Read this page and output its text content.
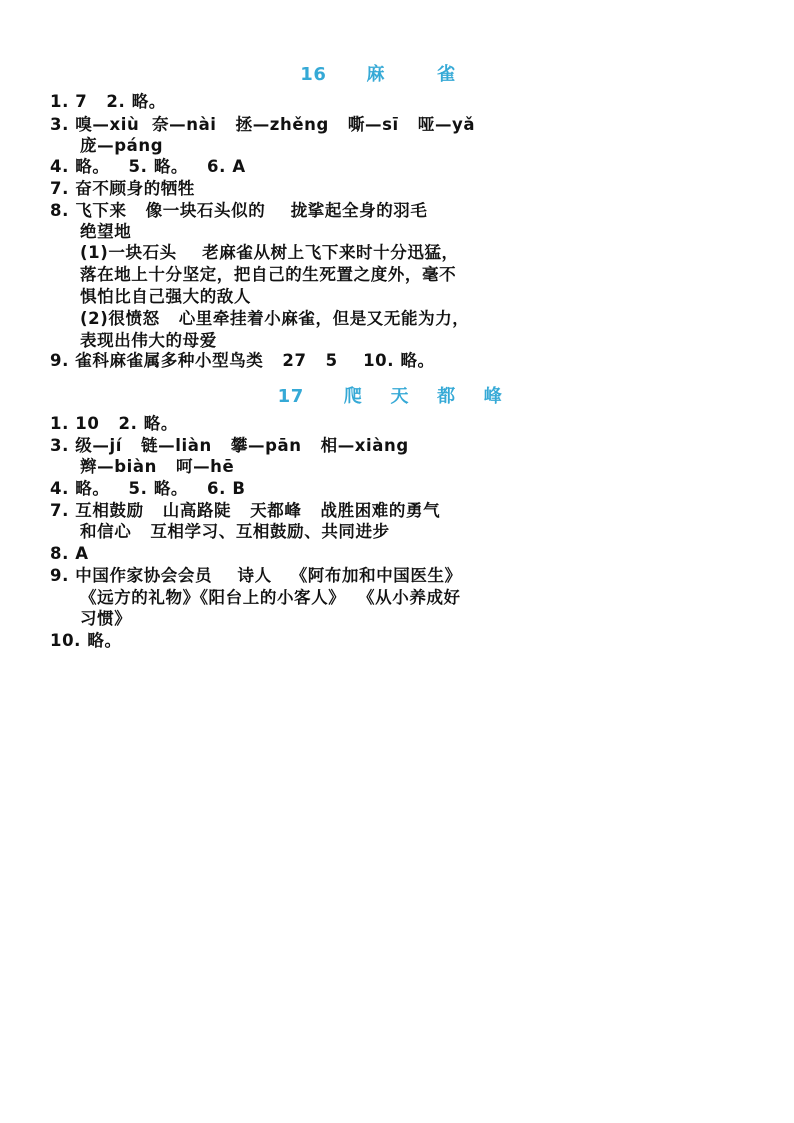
16 麻	雀
1. 7   2. 略。
3. 嗅—xiù  奈—nài   拯—zhěng   嘶—sī   哑—yǎ
庞—páng
4. 略。   5. 略。   6. A
7. 奋不顾身的牺牲
8. 飞下来   像一块石头似的    拢挲起全身的羽毛
绝望地
(1)一块石头    老麻雀从树上飞下来时十分迅猛，
落在地上十分坚定，把自己的生死置之度外，毫不
惧怕比自己强大的敌人
(2)很愤怒   心里牵挂着小麻雀，但是又无能为力，
表现出伟大的母爱
9. 雀科麻雀属多种小型鸟类   27   5    10. 略。
17 爬 天 都 峰
1. 10   2. 略。
3. 级—jí   链—liàn   攀—pān   相—xiàng
辫—biàn   呵—hē
4. 略。   5. 略。   6. B
7. 互相鼓励   山高路陡   天都峰   战胜困难的勇气
和信心   互相学习、互相鼓励、共同进步
8. A
9. 中国作家协会会员    诗人   《阿布加和中国医生》
《远方的礼物》《阳台上的小客人》  《从小养成好
习惯》
10. 略。
